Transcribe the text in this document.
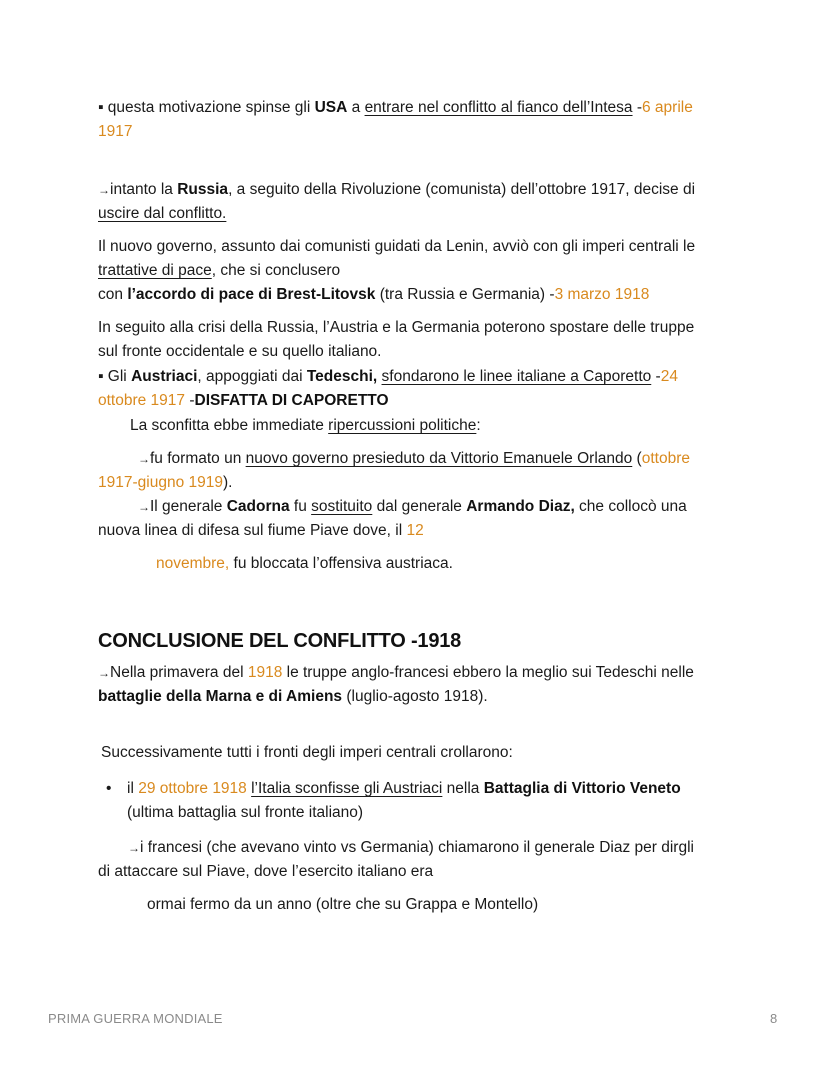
▪ questa motivazione spinse gli USA a entrare nel conflitto al fianco dell’Intesa -6 aprile
1917
→intanto la Russia, a seguito della Rivoluzione (comunista) dell’ottobre 1917, decise di
uscire dal conflitto.
Il nuovo governo, assunto dai comunisti guidati da Lenin, avviò con gli imperi centrali le
trattative di pace, che si conclusero
con l’accordo di pace di Brest-Litovsk (tra Russia e Germania) -3 marzo 1918
In seguito alla crisi della Russia, l’Austria e la Germania poterono spostare delle truppe
sul fronte occidentale e su quello italiano.
▪ Gli Austriaci, appoggiati dai Tedeschi, sfondarono le linee italiane a Caporetto -24
ottobre 1917 -DISFATTA DI CAPORETTO
La sconfitta ebbe immediate ripercussioni politiche:
→fu formato un nuovo governo presieduto da Vittorio Emanuele Orlando (ottobre
1917-giugno 1919).
→Il generale Cadorna fu sostituito dal generale Armando Diaz, che collocò una
nuova linea di difesa sul fiume Piave dove, il 12
novembre, fu bloccata l’offensiva austriaca.
CONCLUSIONE DEL CONFLITTO -1918
→Nella primavera del 1918 le truppe anglo-francesi ebbero la meglio sui Tedeschi nelle
battaglie della Marna e di Amiens (luglio-agosto 1918).
Successivamente tutti i fronti degli imperi centrali crollarono:
• il 29 ottobre 1918 l’Italia sconfisse gli Austriaci nella Battaglia di Vittorio Veneto
(ultima battaglia sul fronte italiano)
→i francesi (che avevano vinto vs Germania) chiamarono il generale Diaz per dirgli
di attaccare sul Piave, dove l’esercito italiano era
ormai fermo da un anno (oltre che su Grappa e Montello)
PRIMA GUERRA MONDIALE	8
